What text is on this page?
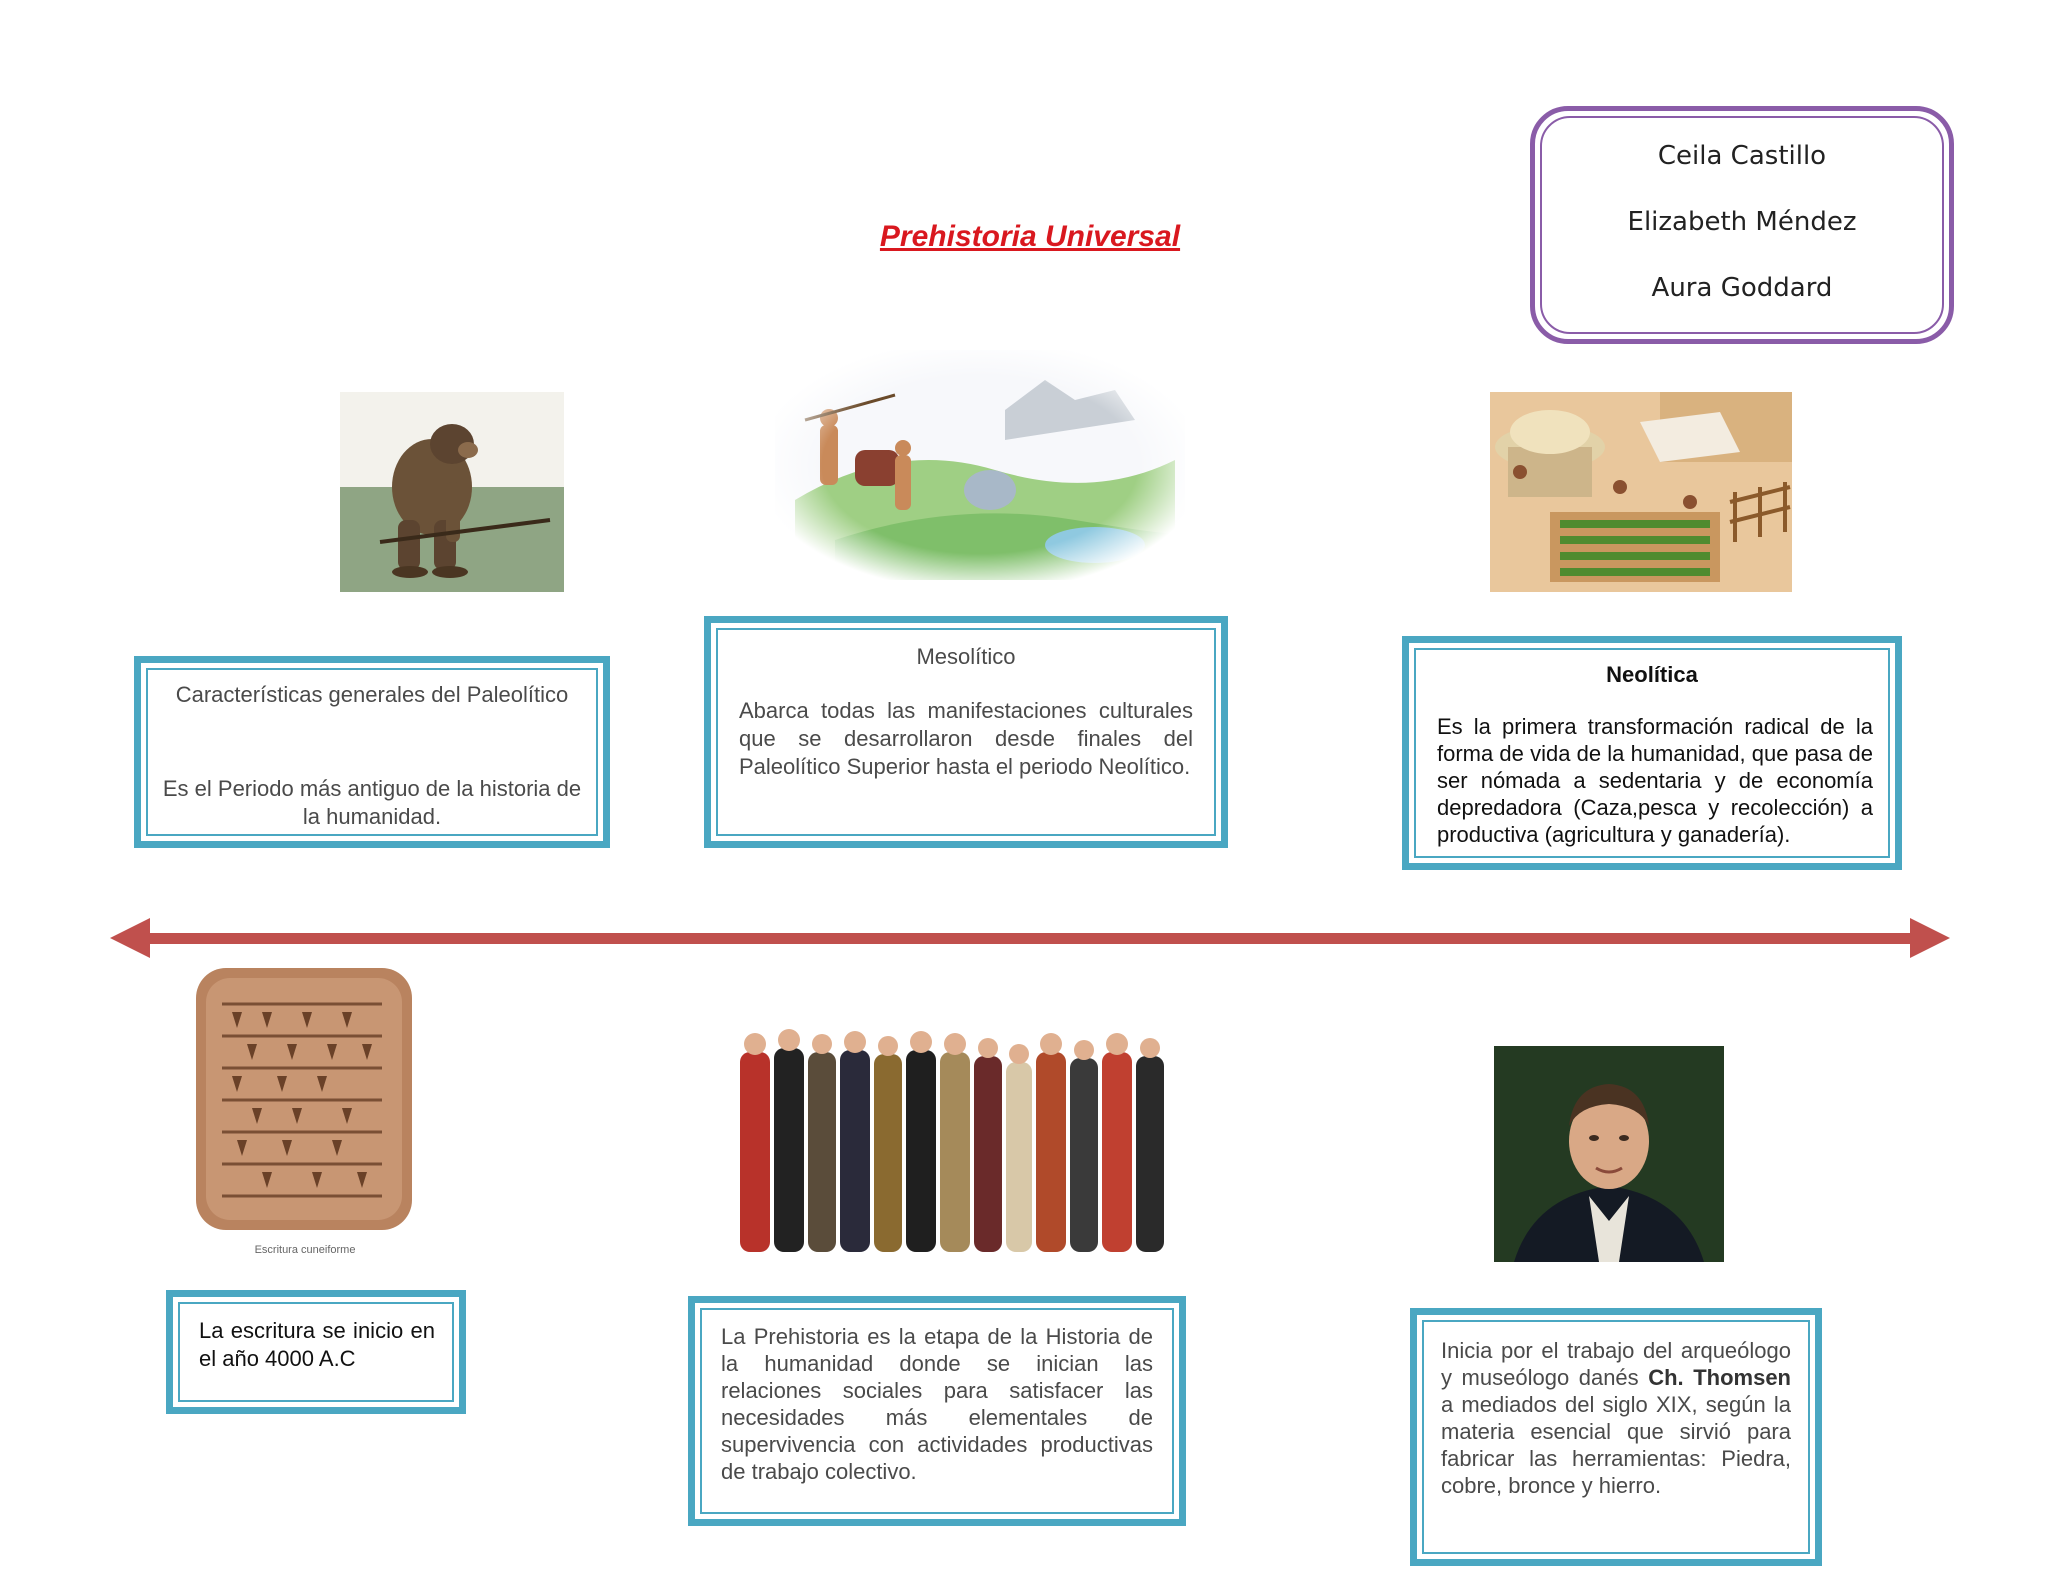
Prehistoria Universal
Ceila Castillo
Elizabeth Méndez
Aura Goddard
Características generales del Paleolítico
Es el Periodo más antiguo de la historia de la humanidad.
Mesolítico
Abarca todas las manifestaciones culturales que se desarrollaron desde finales del Paleolítico Superior hasta el periodo Neolítico.
Neolítica
Es la primera transformación radical de la forma de vida de la humanidad, que pasa de ser nómada a sedentaria y de economía depredadora (Caza,pesca y recolección) a productiva (agricultura y ganadería).
Escritura cuneiforme
La escritura se inicio en el año 4000 A.C
La Prehistoria es la etapa de la Historia de la humanidad donde se inician las relaciones sociales para satisfacer las necesidades más elementales de supervivencia con actividades productivas de trabajo colectivo.
Inicia por el trabajo del arqueólogo y museólogo danés Ch. Thomsen a mediados del siglo XIX, según la materia esencial que sirvió para fabricar las herramientas: Piedra, cobre, bronce y hierro.
